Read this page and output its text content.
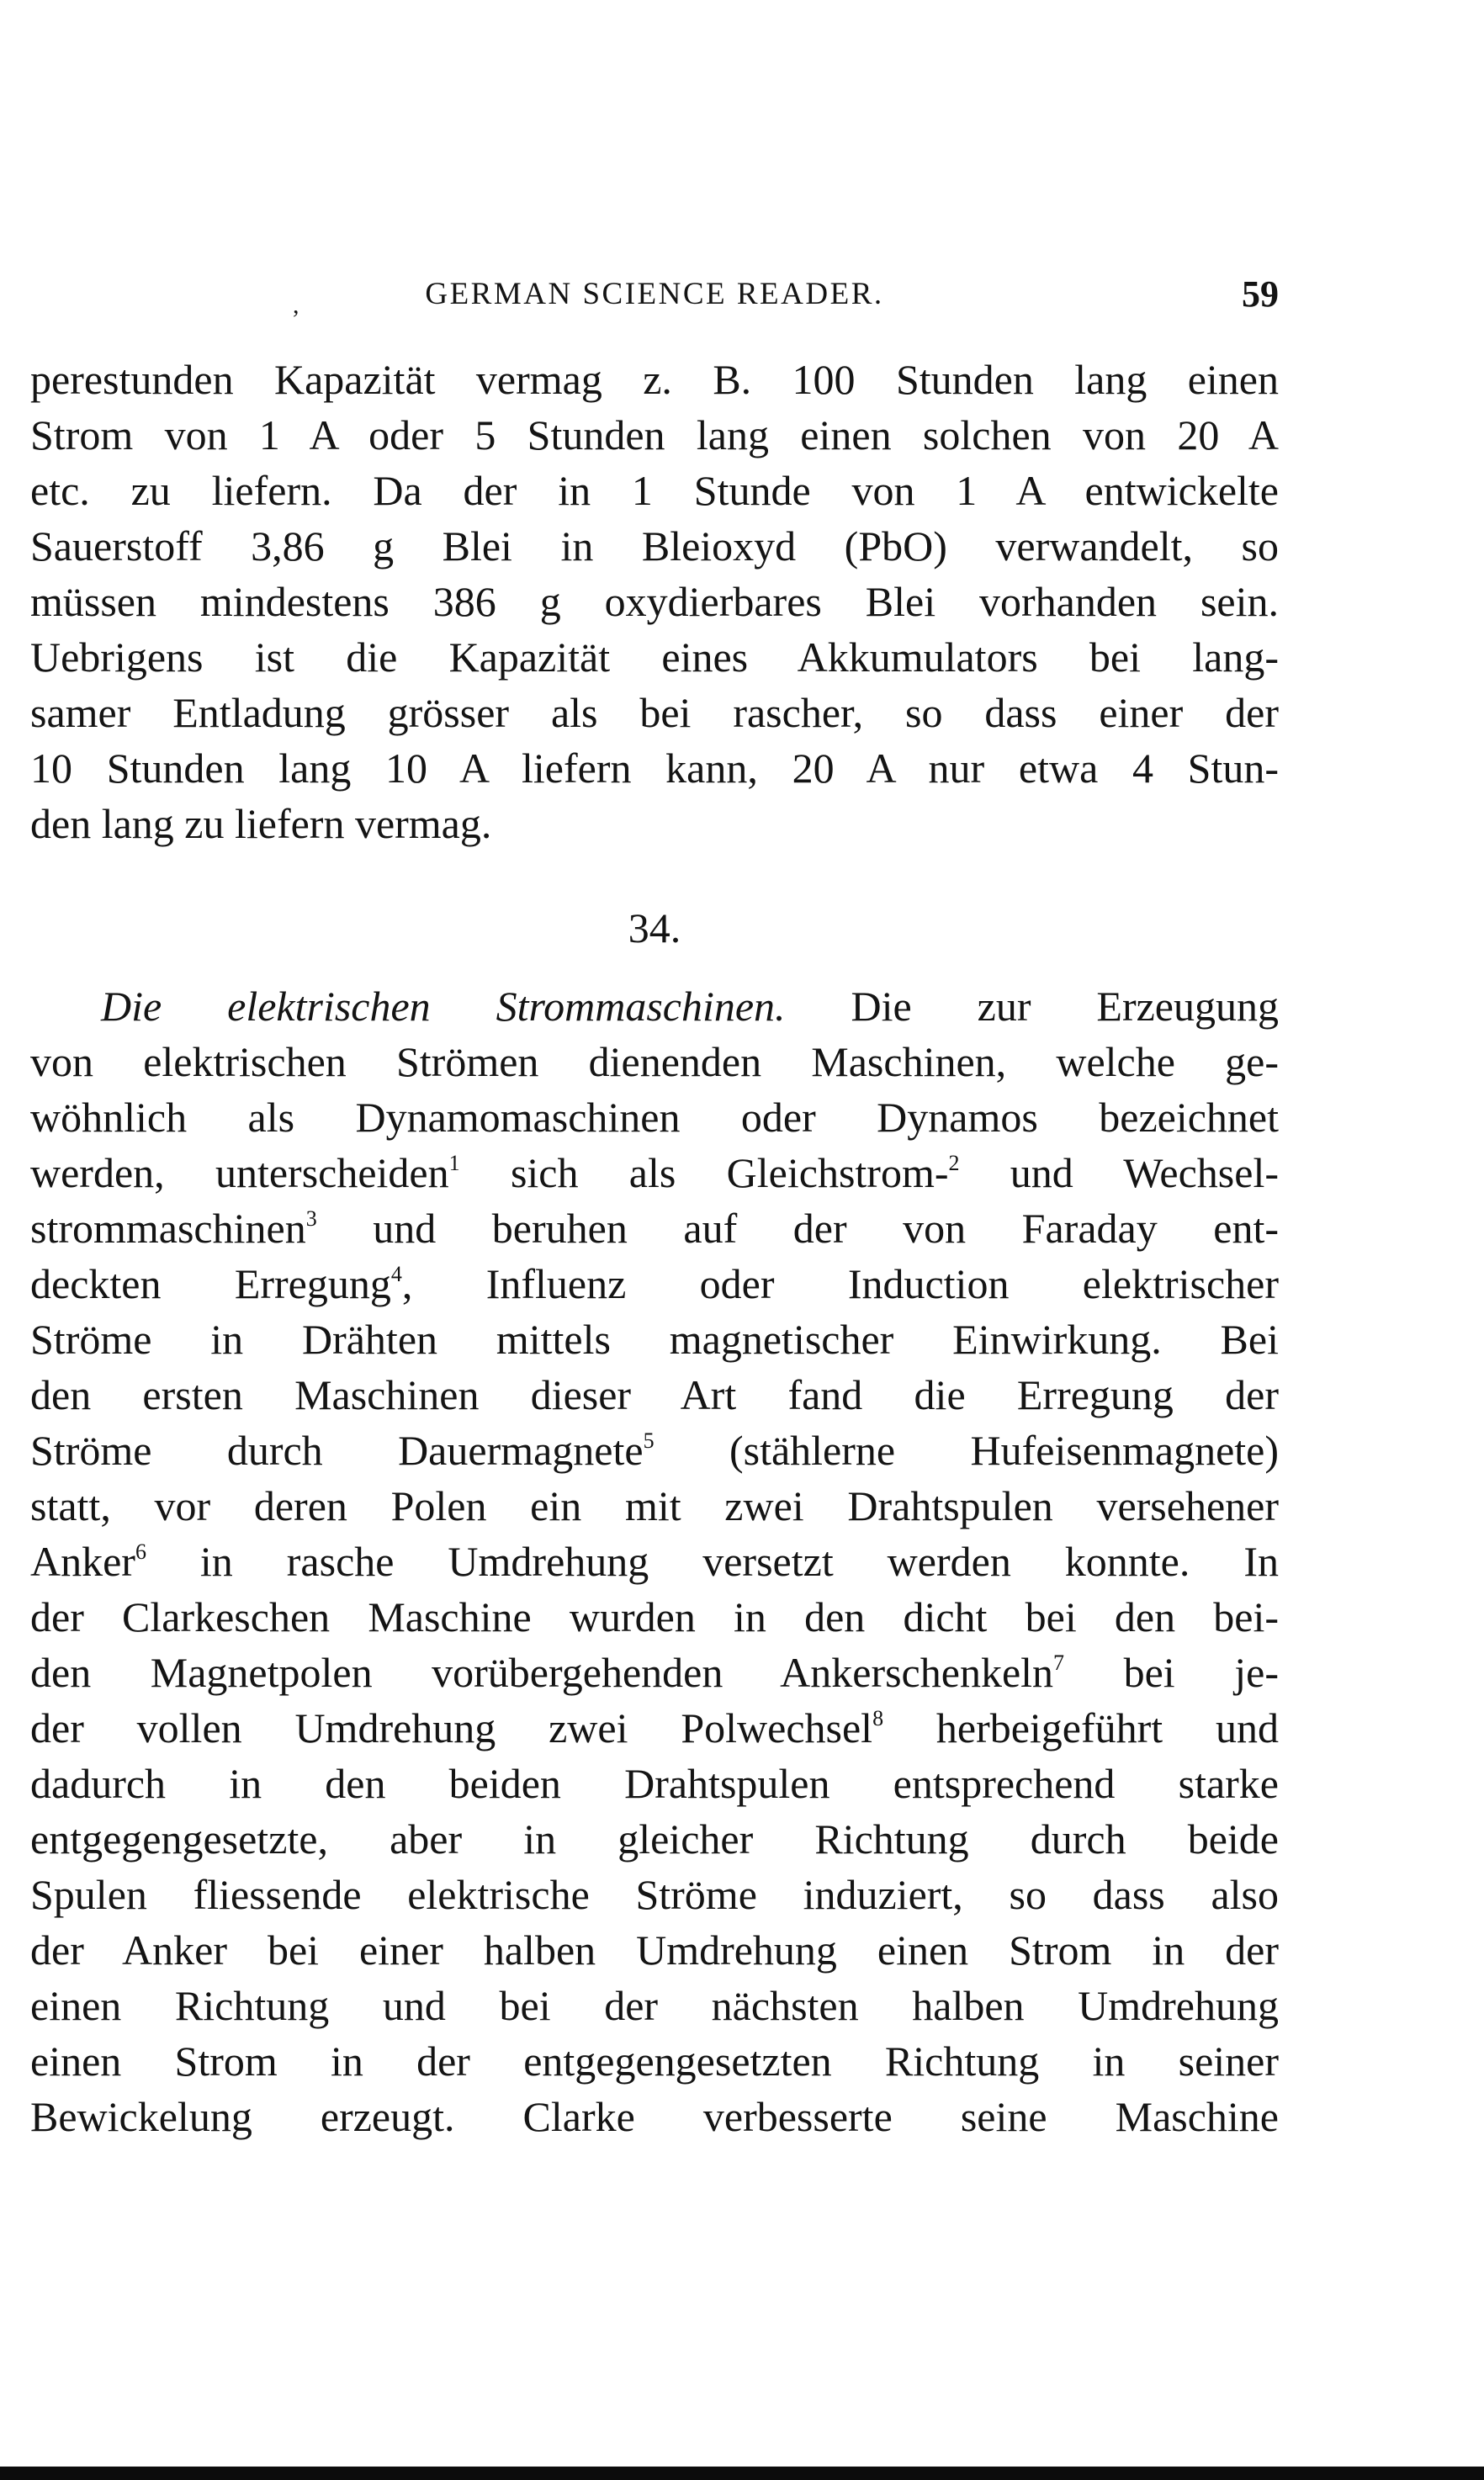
,	GERMAN SCIENCE READER.	59
perestunden Kapazität vermag z. B. 100 Stunden lang einen
Strom von 1 A oder 5 Stunden lang einen solchen von 20 A
etc. zu liefern. Da der in 1 Stunde von 1 A entwickelte
Sauerstoff 3,86 g Blei in Bleioxyd (PbO) verwandelt, so
müssen mindestens 386 g oxydierbares Blei vorhanden sein.
Uebrigens ist die Kapazität eines Akkumulators bei lang-
samer Entladung grösser als bei rascher, so dass einer der
10 Stunden lang 10 A liefern kann, 20 A nur etwa 4 Stun-
den lang zu liefern vermag.
34.
Die elektrischen Strommaschinen. Die zur Erzeugung
von elektrischen Strömen dienenden Maschinen, welche ge-
wöhnlich als Dynamomaschinen oder Dynamos bezeichnet
werden, unterscheiden$^1$ sich als Gleichstrom-$^2$ und Wechsel-
strommaschinen$^3$ und beruhen auf der von Faraday ent-
deckten Erregung$^4$, Influenz oder Induction elektrischer
Ströme in Drähten mittels magnetischer Einwirkung. Bei
den ersten Maschinen dieser Art fand die Erregung der
Ströme durch Dauermagnete$^5$ (stählerne Hufeisenmagnete)
statt, vor deren Polen ein mit zwei Drahtspulen versehener
Anker$^6$ in rasche Umdrehung versetzt werden konnte. In
der Clarkeschen Maschine wurden in den dicht bei den bei-
den Magnetpolen vorübergehenden Ankerschenkeln$^7$ bei je-
der vollen Umdrehung zwei Polwechsel$^8$ herbeigeführt und
dadurch in den beiden Drahtspulen entsprechend starke
entgegengesetzte, aber in gleicher Richtung durch beide
Spulen fliessende elektrische Ströme induziert, so dass also
der Anker bei einer halben Umdrehung einen Strom in der
einen Richtung und bei der nächsten halben Umdrehung
einen Strom in der entgegengesetzten Richtung in seiner
Bewickelung erzeugt. Clarke verbesserte seine Maschine
